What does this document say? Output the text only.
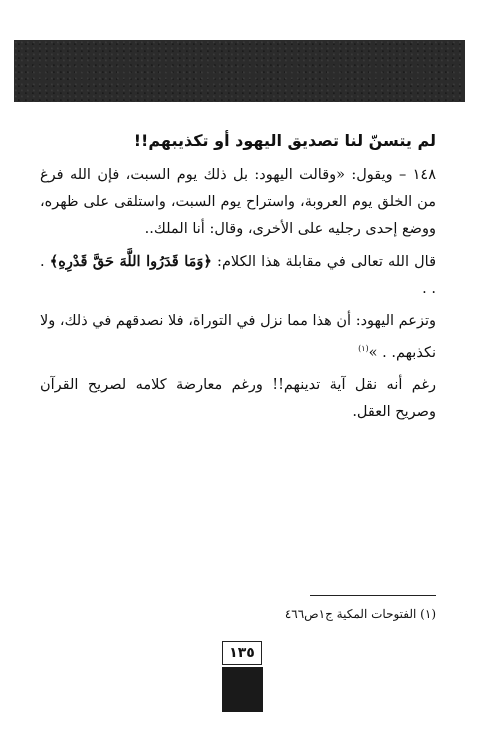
لم يتسنّ لنا تصديق اليهود أو تكذيبهم!!

١٤٨ – ويقول: «وقالت اليهود: بل ذلك يوم السبت، فإن الله فرغ من الخلق يوم العروبة، واستراح يوم السبت، واستلقى على ظهره، ووضع إحدى رجليه على الأخرى، وقال: أنا الملك..

قال الله تعالى في مقابلة هذا الكلام: ﴿وَمَا قَدَرُوا اللَّهَ حَقَّ قَدْرِهِ﴾ . . .

وتزعم اليهود: أن هذا مما نزل في التوراة، فلا نصدقهم في ذلك، ولا نكذبهم. . »$^{(١)}$

رغم أنه نقل آية تدينهم!! ورغم معارضة كلامه لصريح القرآن وصريح العقل.

(١) الفتوحات المكية ج١ص٤٦٦
١٣٥
